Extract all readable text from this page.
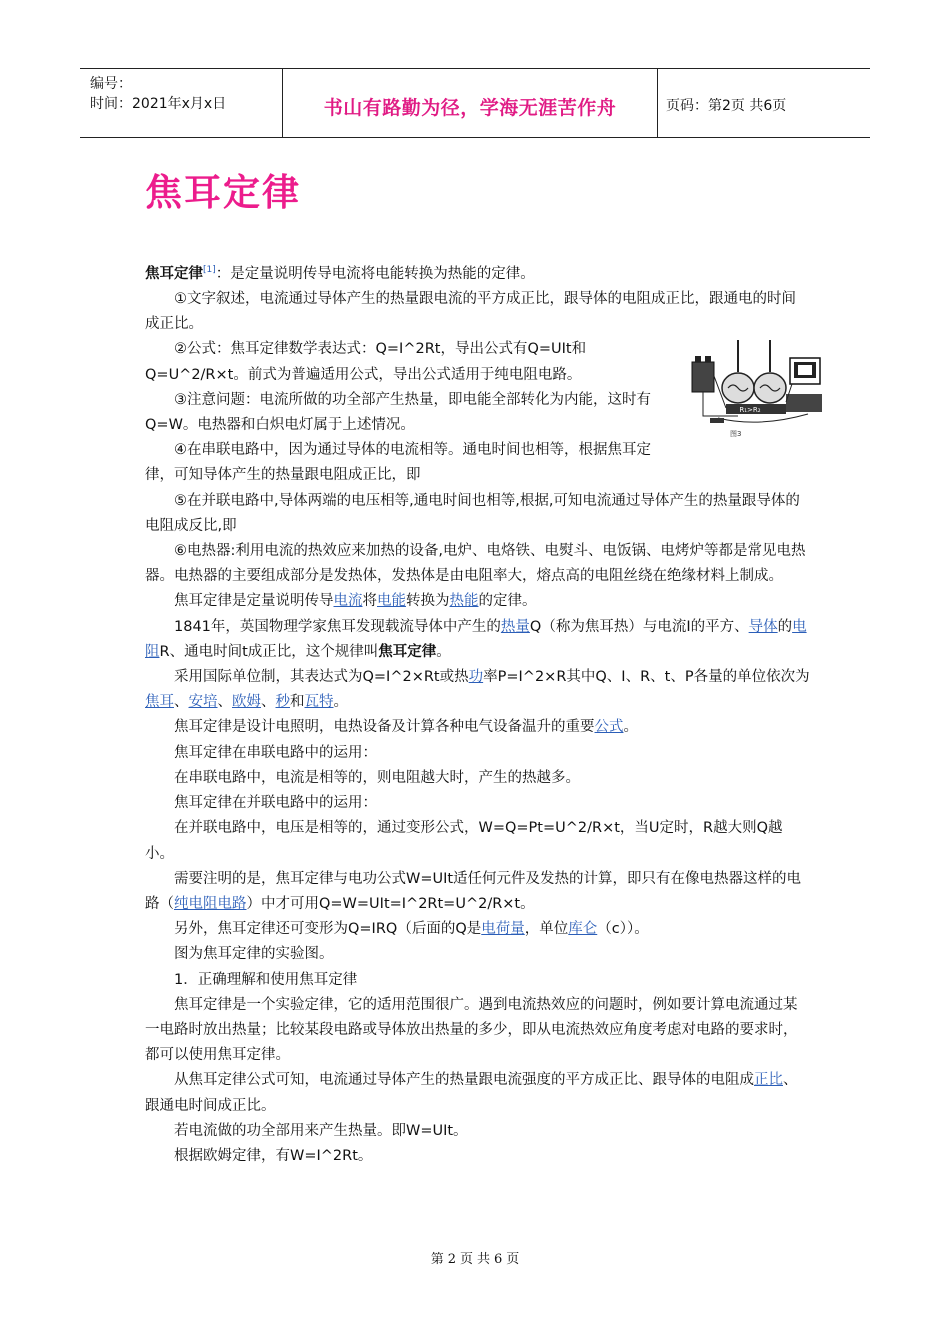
编号：
时间：2021年x月x日	书山有路勤为径，学海无涯苦作舟	页码：第2页 共6页
焦耳定律
R₁>R₂
图3

焦耳定律[1]：是定量说明传导电流将电能转换为热能的定律。

①文字叙述，电流通过导体产生的热量跟电流的平方成正比，跟导体的电阻成正比，跟通电的时间成正比。

②公式：焦耳定律数学表达式：Q=I^2Rt，导出公式有Q=UIt和Q=U^2/R×t。前式为普遍适用公式，导出公式适用于纯电阻电路。

③注意问题：电流所做的功全部产生热量，即电能全部转化为内能，这时有Q=W。电热器和白炽电灯属于上述情况。

④在串联电路中，因为通过导体的电流相等。通电时间也相等，根据焦耳定律，可知导体产生的热量跟电阻成正比，即

⑤在并联电路中,导体两端的电压相等,通电时间也相等,根据,可知电流通过导体产生的热量跟导体的电阻成反比,即

⑥电热器:利用电流的热效应来加热的设备,电炉、电烙铁、电熨斗、电饭锅、电烤炉等都是常见电热器。电热器的主要组成部分是发热体，发热体是由电阻率大，熔点高的电阻丝绕在绝缘材料上制成。

焦耳定律是定量说明传导电流将电能转换为热能的定律。

1841年，英国物理学家焦耳发现载流导体中产生的热量Q（称为焦耳热）与电流I的平方、导体的电阻R、通电时间t成正比，这个规律叫焦耳定律。

采用国际单位制，其表达式为Q=I^2×Rt或热功率P=I^2×R其中Q、I、R、t、P各量的单位依次为焦耳、安培、欧姆、秒和瓦特。

焦耳定律是设计电照明，电热设备及计算各种电气设备温升的重要公式。

焦耳定律在串联电路中的运用：

在串联电路中，电流是相等的，则电阻越大时，产生的热越多。

焦耳定律在并联电路中的运用：

在并联电路中，电压是相等的，通过变形公式，W=Q=Pt=U^2/R×t，当U定时，R越大则Q越小。

需要注明的是，焦耳定律与电功公式W=UIt适任何元件及发热的计算，即只有在像电热器这样的电路（纯电阻电路）中才可用Q=W=UIt=I^2Rt=U^2/R×t。

另外，焦耳定律还可变形为Q=IRQ（后面的Q是电荷量，单位库仑（c））。

图为焦耳定律的实验图。

1．正确理解和使用焦耳定律

焦耳定律是一个实验定律，它的适用范围很广。遇到电流热效应的问题时，例如要计算电流通过某一电路时放出热量；比较某段电路或导体放出热量的多少，即从电流热效应角度考虑对电路的要求时，都可以使用焦耳定律。

从焦耳定律公式可知，电流通过导体产生的热量跟电流强度的平方成正比、跟导体的电阻成正比、跟通电时间成正比。

若电流做的功全部用来产生热量。即W=UIt。

根据欧姆定律，有W=I^2Rt。

第 2 页 共 6 页
